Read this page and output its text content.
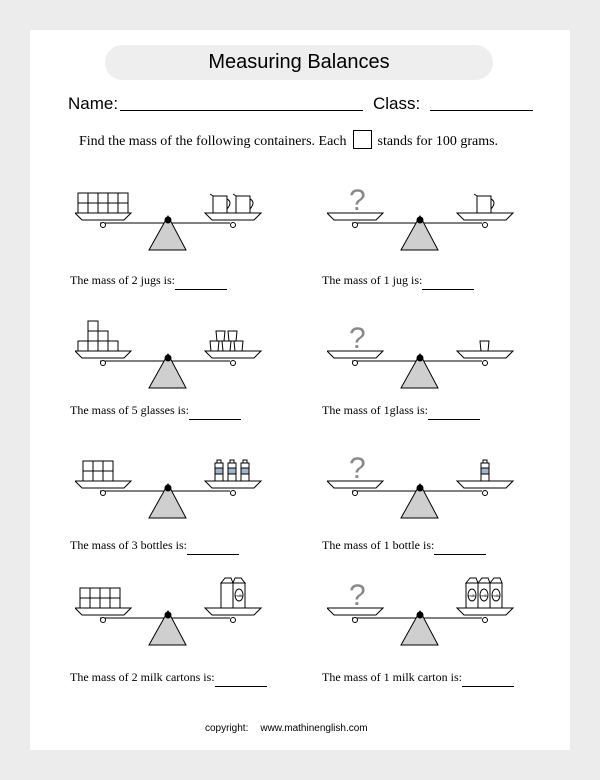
Measuring Balances
Name:	Class:
Find the mass of the following containers. Each stands for 100 grams.
The mass of 2 jugs is:
?
The mass of 1 jug is:
The mass of 5 glasses is:
?
The mass of 1glass is:
The mass of 3 bottles is:
?
The mass of 1 bottle is:
milk
The mass of 2 milk cartons is:
?	milk milk milk
The mass of 1 milk carton is:
copyright: www.mathinenglish.com
